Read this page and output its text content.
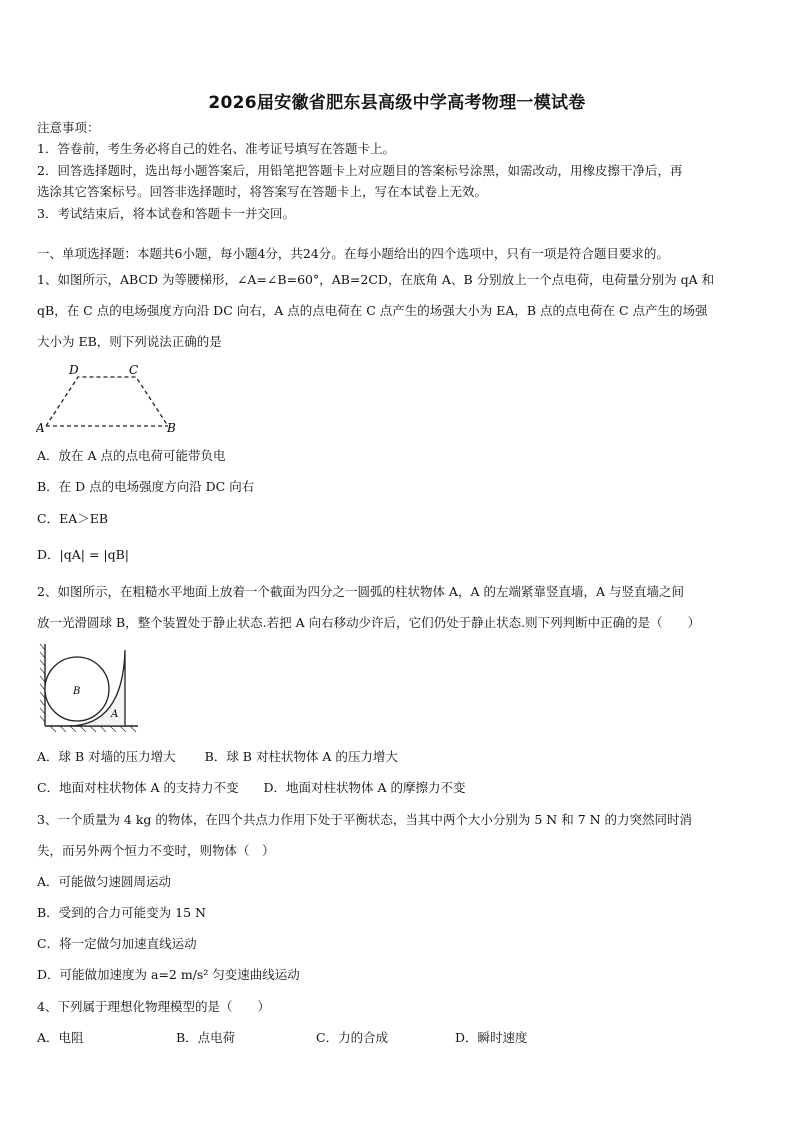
2026届安徽省肥东县高级中学高考物理一模试卷
注意事项：
1．答卷前，考生务必将自己的姓名、准考证号填写在答题卡上。
2．回答选择题时，选出每小题答案后，用铅笔把答题卡上对应题目的答案标号涂黑，如需改动，用橡皮擦干净后，再
选涂其它答案标号。回答非选择题时，将答案写在答题卡上，写在本试卷上无效。
3．考试结束后，将本试卷和答题卡一并交回。
一、单项选择题：本题共6小题，每小题4分，共24分。在每小题给出的四个选项中，只有一项是符合题目要求的。
1、如图所示，ABCD 为等腰梯形，∠A=∠B=60°，AB=2CD，在底角 A、B 分别放上一个点电荷，电荷量分别为 qA 和
qB，在 C 点的电场强度方向沿 DC 向右，A 点的点电荷在 C 点产生的场强大小为 EA，B 点的点电荷在 C 点产生的场强
大小为 EB，则下列说法正确的是
D	C
A	B
A．放在 A 点的点电荷可能带负电
B．在 D 点的电场强度方向沿 DC 向右
C．EA＞EB
D．|qA| = |qB|
2、如图所示，在粗糙水平地面上放着一个截面为四分之一圆弧的柱状物体 A，A 的左端紧靠竖直墙，A 与竖直墙之间
放一光滑圆球 B，整个装置处于静止状态.若把 A 向右移动少许后，它们仍处于静止状态.则下列判断中正确的是（　　）
B
A
A．球 B 对墙的压力增大　　 B．球 B 对柱状物体 A 的压力增大
C．地面对柱状物体 A 的支持力不变　　D．地面对柱状物体 A 的摩擦力不变
3、一个质量为 4 kg 的物体，在四个共点力作用下处于平衡状态，当其中两个大小分别为 5 N 和 7 N 的力突然同时消
失，而另外两个恒力不变时，则物体（　）
A．可能做匀速圆周运动
B．受到的合力可能变为 15 N
C．将一定做匀加速直线运动
D．可能做加速度为 a=2 m/s² 匀变速曲线运动
4、下列属于理想化物理模型的是（　　）
A．电阻	B．点电荷	C．力的合成	D．瞬时速度
